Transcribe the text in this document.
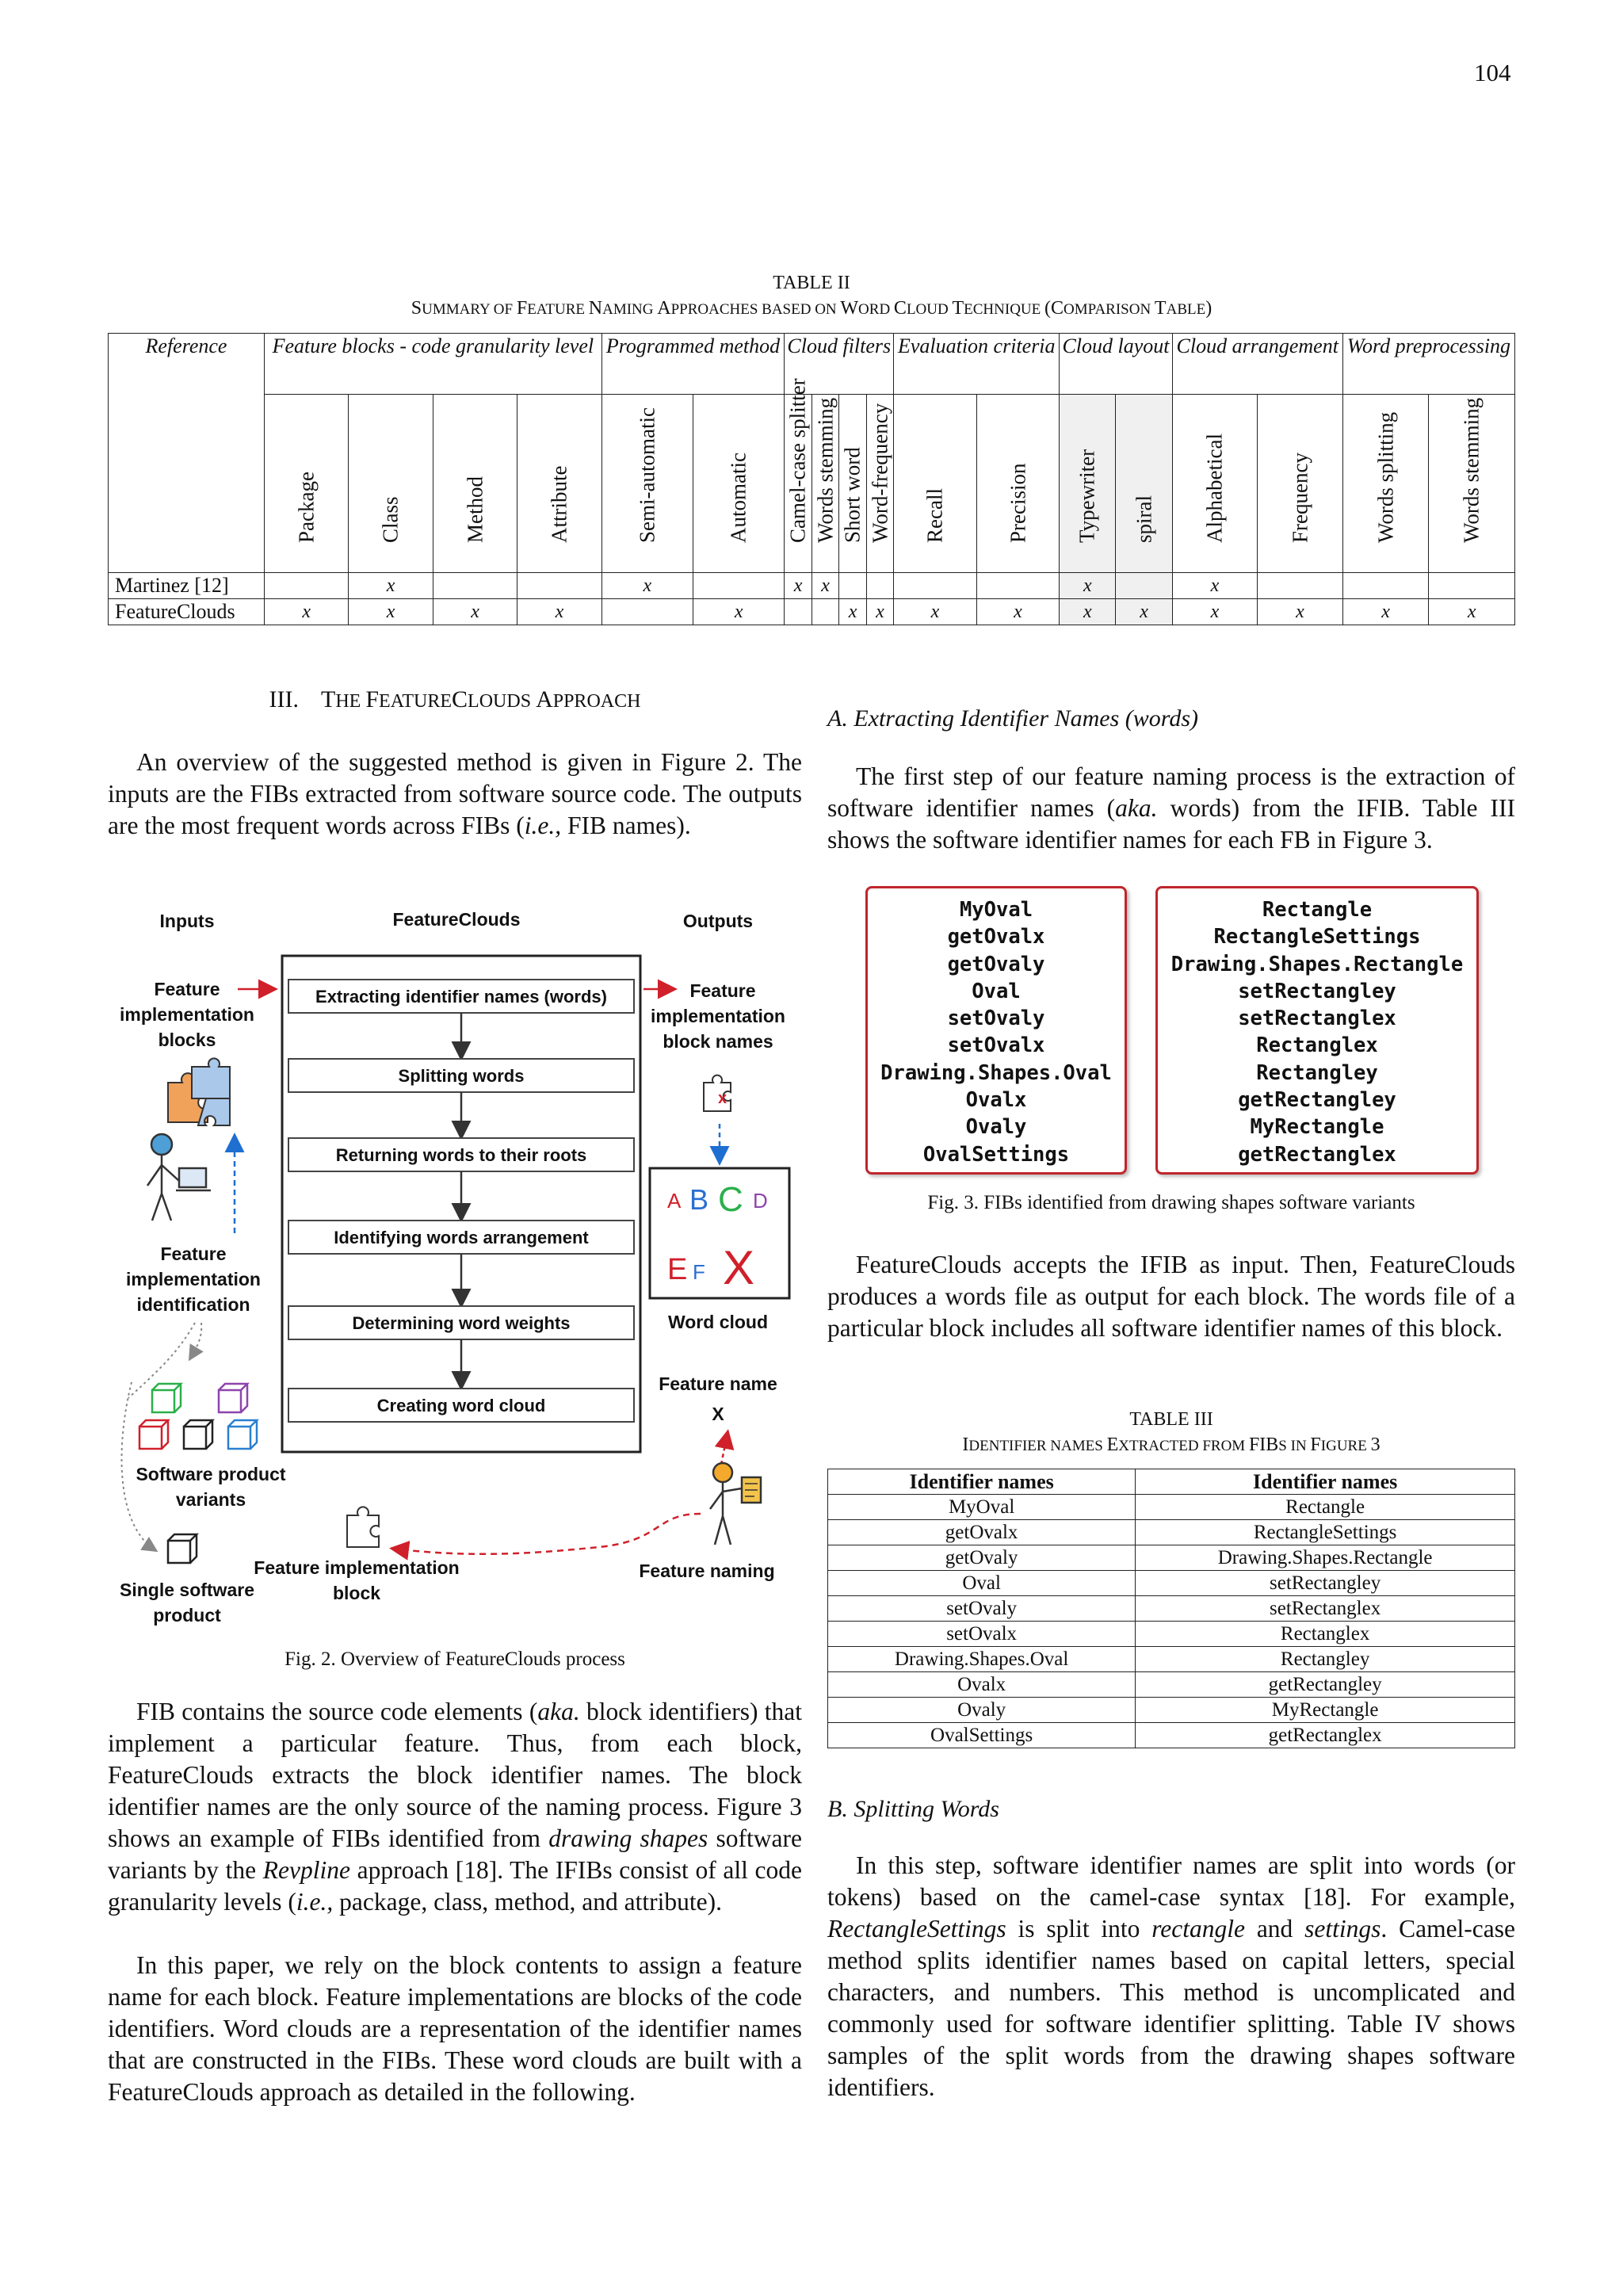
104
TABLE II
SUMMARY OF FEATURE NAMING APPROACHES BASED ON WORD CLOUD TECHNIQUE (COMPARISON TABLE)
Reference	Feature blocks - code granularity level				Programmed method		Cloud filters				Evaluation criteria		Cloud layout		Cloud arrangement		Word preprocessing	

	Package	Class	Method	Attribute	Semi-automatic	Automatic	Camel-case splitter	Words stemming	Short word	Word-frequency	Recall	Precision	Typewriter	spiral	Alphabetical	Frequency	Words splitting	Words stemming

Martinez [12]		x			x		x	x					x		x			
FeatureClouds	x	x	x	x		x			x	x	x	x	x	x	x	x	x	x
III. THE FEATURECLOUDS APPROACH
An overview of the suggested method is given in Figure 2. The inputs are the FIBs extracted from software source code. The outputs are the most frequent words across FIBs (i.e., FIB names).
Inputs	FeatureClouds	Outputs
Feature
implementation
blocks
Feature
implementation
identification
Software product
variants
Single software
product
Extracting identifier names (words)
Splitting words
Returning words to their roots
Identifying words arrangement
Determining word weights
Creating word cloud
Feature
implementation
block names
x
A B C D
E F X
Word cloud
Feature name
X
Feature implementation
block
Feature naming
Fig. 2. Overview of FeatureClouds process
FIB contains the source code elements (aka. block identifiers) that implement a particular feature. Thus, from each block, FeatureClouds extracts the block identifier names. The block identifier names are the only source of the naming process. Figure 3 shows an example of FIBs identified from drawing shapes software variants by the Revpline approach [18]. The IFIBs consist of all code granularity levels (i.e., package, class, method, and attribute).
In this paper, we rely on the block contents to assign a feature name for each block. Feature implementations are blocks of the code identifiers. Word clouds are a representation of the identifier names that are constructed in the FIBs. These word clouds are built with a FeatureClouds approach as detailed in the following.
A. Extracting Identifier Names (words)
The first step of our feature naming process is the extraction of software identifier names (aka. words) from the IFIB. Table III shows the software identifier names for each FB in Figure 3.
MyOval
getOvalx
getOvaly
Oval
setOvaly
setOvalx
Drawing.Shapes.Oval
Ovalx
Ovaly
OvalSettings
Rectangle
RectangleSettings
Drawing.Shapes.Rectangle
setRectangley
setRectanglex
Rectanglex
Rectangley
getRectangley
MyRectangle
getRectanglex
Fig. 3. FIBs identified from drawing shapes software variants
FeatureClouds accepts the IFIB as input. Then, FeatureClouds produces a words file as output for each block. The words file of a particular block includes all software identifier names of this block.
TABLE III
IDENTIFIER NAMES EXTRACTED FROM FIBS IN FIGURE 3
Identifier names	Identifier names
MyOval	Rectangle
getOvalx	RectangleSettings
getOvaly	Drawing.Shapes.Rectangle
Oval	setRectangley
setOvaly	setRectanglex
setOvalx	Rectanglex
Drawing.Shapes.Oval	Rectangley
Ovalx	getRectangley
Ovaly	MyRectangle
OvalSettings	getRectanglex
B. Splitting Words
In this step, software identifier names are split into words (or tokens) based on the camel-case syntax [18]. For example, RectangleSettings is split into rectangle and settings. Camel-case method splits identifier names based on capital letters, special characters, and numbers. This method is uncomplicated and commonly used for software identifier splitting. Table IV shows samples of the split words from the drawing shapes software identifiers.
